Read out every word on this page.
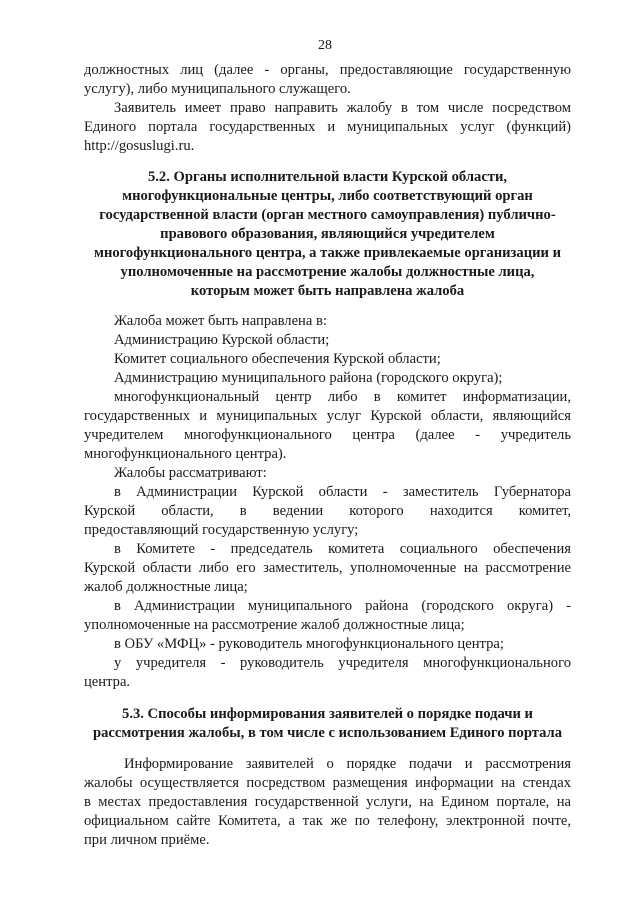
28
должностных лиц (далее - органы, предоставляющие государственную
услугу), либо муниципального служащего.
Заявитель имеет право направить жалобу в том числе посредством
Единого портала государственных и муниципальных услуг (функций)
http://gosuslugi.ru.
5.2. Органы исполнительной власти Курской области,
многофункциональные центры, либо соответствующий орган
государственной власти (орган местного самоуправления) публично-
правового образования, являющийся учредителем
многофункционального центра, а также привлекаемые организации и
уполномоченные на рассмотрение жалобы должностные лица,
которым может быть направлена жалоба
Жалоба может быть направлена в:
Администрацию Курской области;
Комитет социального обеспечения Курской области;
Администрацию муниципального района (городского округа);
многофункциональный центр либо в комитет информатизации,
государственных и муниципальных услуг Курской области, являющийся
учредителем многофункционального центра (далее - учредитель
многофункционального центра).
Жалобы рассматривают:
в Администрации Курской области - заместитель Губернатора
Курской области, в ведении которого находится комитет,
предоставляющий государственную услугу;
в Комитете - председатель комитета социального обеспечения
Курской области либо его заместитель, уполномоченные на рассмотрение
жалоб должностные лица;
в Администрации муниципального района (городского округа) -
уполномоченные на рассмотрение жалоб должностные лица;
в ОБУ «МФЦ» - руководитель многофункционального центра;
у учредителя - руководитель учредителя многофункционального
центра.
5.3. Способы информирования заявителей о порядке подачи и
рассмотрения жалобы, в том числе с использованием Единого портала
Информирование заявителей о порядке подачи и рассмотрения
жалобы осуществляется посредством размещения информации на стендах
в местах предоставления государственной услуги, на Едином портале, на
официальном сайте Комитета, а так же по телефону, электронной почте,
при личном приёме.
